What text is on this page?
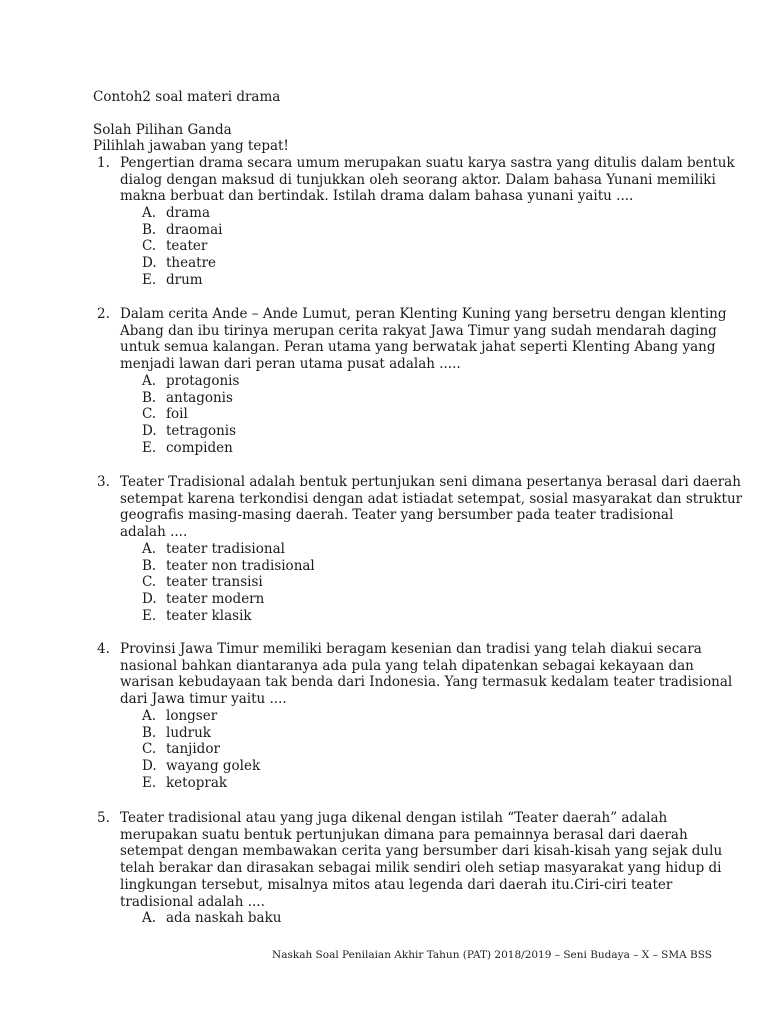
Contoh2 soal materi drama
Solah Pilihan Ganda
Pilihlah jawaban yang tepat!
1. Pengertian drama secara umum merupakan suatu karya sastra yang ditulis dalam bentuk
dialog dengan maksud di tunjukkan oleh seorang aktor. Dalam bahasa Yunani memiliki
makna berbuat dan bertindak. Istilah drama dalam bahasa yunani yaitu ....
A. drama
B. draomai
C. teater
D. theatre
E. drum
2. Dalam cerita Ande – Ande Lumut, peran Klenting Kuning yang bersetru dengan klenting
Abang dan ibu tirinya merupan cerita rakyat Jawa Timur yang sudah mendarah daging
untuk semua kalangan. Peran utama yang berwatak jahat seperti Klenting Abang yang
menjadi lawan dari peran utama pusat adalah .....
A. protagonis
B. antagonis
C. foil
D. tetragonis
E. compiden
3. Teater Tradisional adalah bentuk pertunjukan seni dimana pesertanya berasal dari daerah
setempat karena terkondisi dengan adat istiadat setempat, sosial masyarakat dan struktur
geografis masing-masing daerah. Teater yang bersumber pada teater tradisional
adalah ....
A. teater tradisional
B. teater non tradisional
C. teater transisi
D. teater modern
E. teater klasik
4. Provinsi Jawa Timur memiliki beragam kesenian dan tradisi yang telah diakui secara
nasional bahkan diantaranya ada pula yang telah dipatenkan sebagai kekayaan dan
warisan kebudayaan tak benda dari Indonesia. Yang termasuk kedalam teater tradisional
dari Jawa timur yaitu ....
A. longser
B. ludruk
C. tanjidor
D. wayang golek
E. ketoprak
5. Teater tradisional atau yang juga dikenal dengan istilah “Teater daerah” adalah
merupakan suatu bentuk pertunjukan dimana para pemainnya berasal dari daerah
setempat dengan membawakan cerita yang bersumber dari kisah-kisah yang sejak dulu
telah berakar dan dirasakan sebagai milik sendiri oleh setiap masyarakat yang hidup di
lingkungan tersebut, misalnya mitos atau legenda dari daerah itu.Ciri-ciri teater
tradisional adalah ....
A. ada naskah baku
Naskah Soal Penilaian Akhir Tahun (PAT) 2018/2019 – Seni Budaya – X – SMA BSS
